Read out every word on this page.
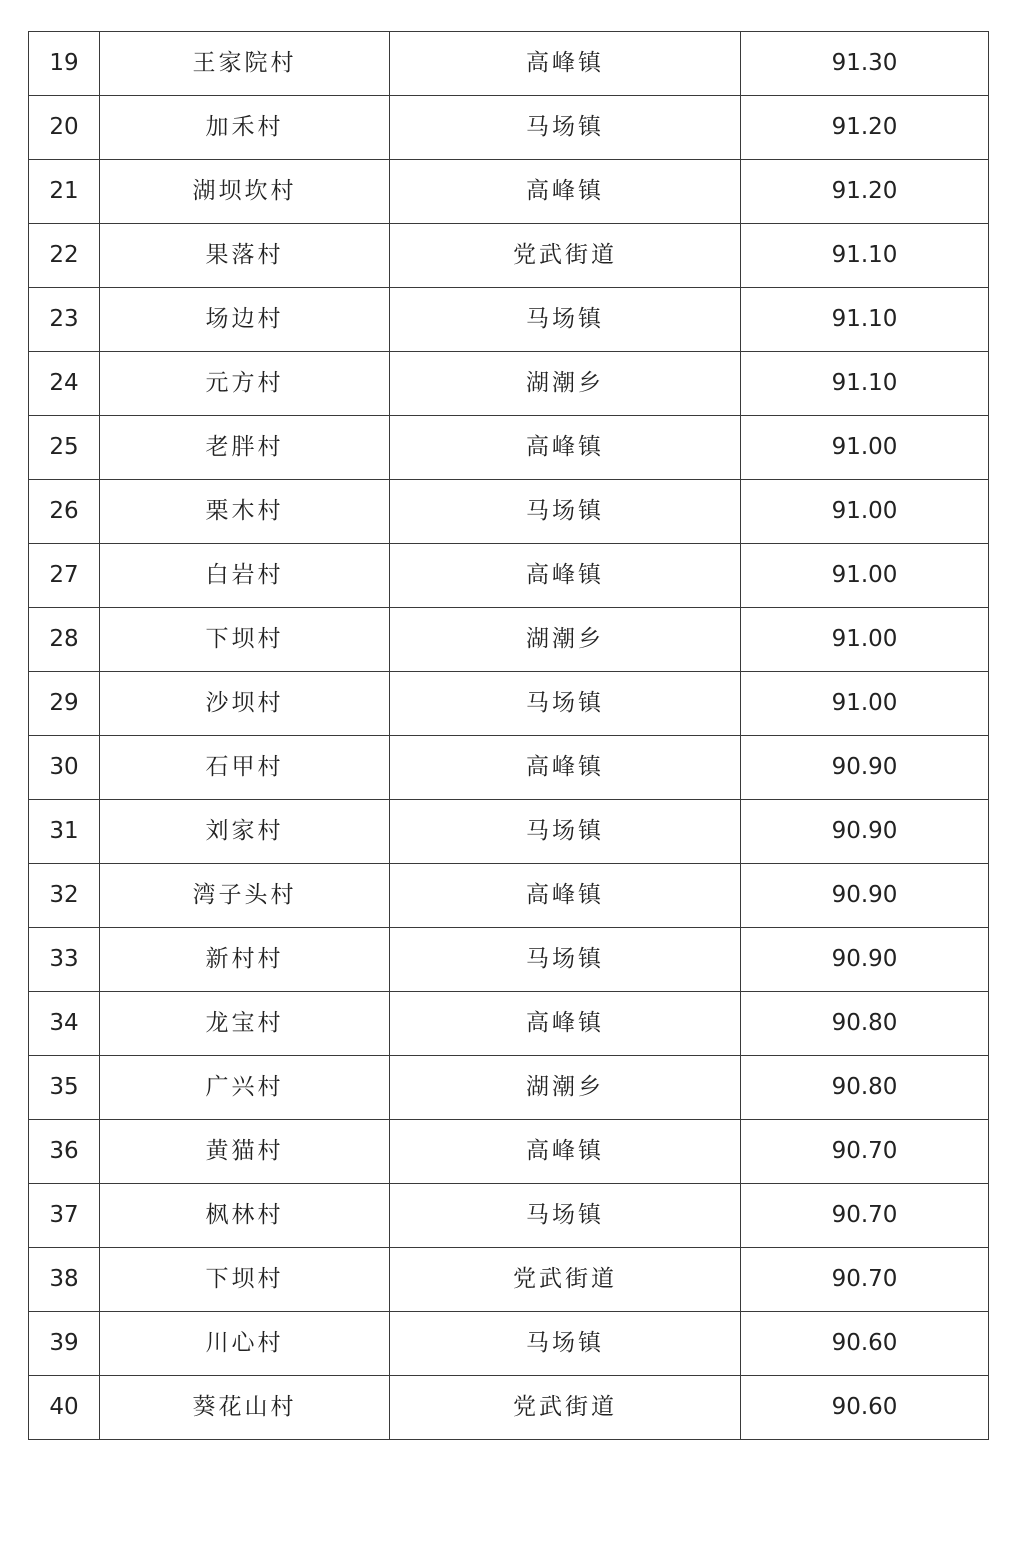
19	王家院村	高峰镇	91.30
20	加禾村	马场镇	91.20
21	湖坝坎村	高峰镇	91.20
22	果落村	党武街道	91.10
23	场边村	马场镇	91.10
24	元方村	湖潮乡	91.10
25	老胖村	高峰镇	91.00
26	栗木村	马场镇	91.00
27	白岩村	高峰镇	91.00
28	下坝村	湖潮乡	91.00
29	沙坝村	马场镇	91.00
30	石甲村	高峰镇	90.90
31	刘家村	马场镇	90.90
32	湾子头村	高峰镇	90.90
33	新村村	马场镇	90.90
34	龙宝村	高峰镇	90.80
35	广兴村	湖潮乡	90.80
36	黄猫村	高峰镇	90.70
37	枫林村	马场镇	90.70
38	下坝村	党武街道	90.70
39	川心村	马场镇	90.60
40	葵花山村	党武街道	90.60
